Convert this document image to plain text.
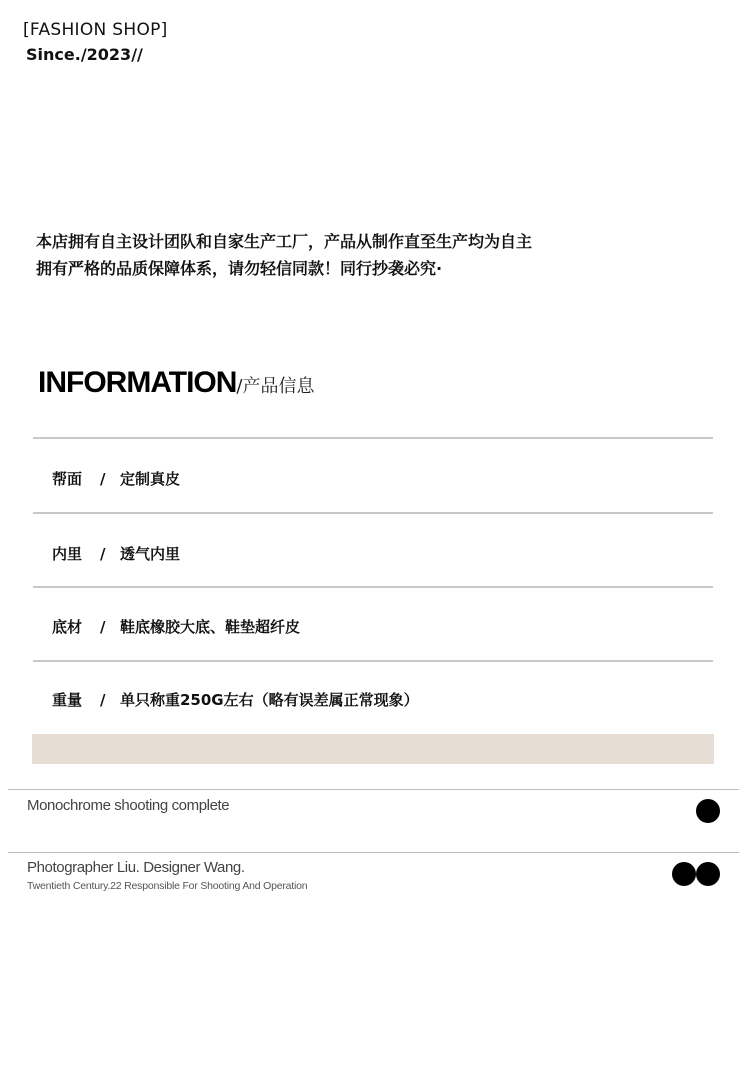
[FASHION SHOP]
Since./2023//
本店拥有自主设计团队和自家生产工厂，产品从制作直至生产均为自主
拥有严格的品质保障体系，请勿轻信同款！同行抄袭必究·
INFORMATION/产品信息
帮面 / 定制真皮
内里 / 透气内里
底材 / 鞋底橡胶大底、鞋垫超纤皮
重量 / 单只称重250G左右（略有误差属正常现象）
Monochrome shooting complete
Photographer Liu. Designer Wang.
Twentieth Century.22 Responsible For Shooting And Operation
